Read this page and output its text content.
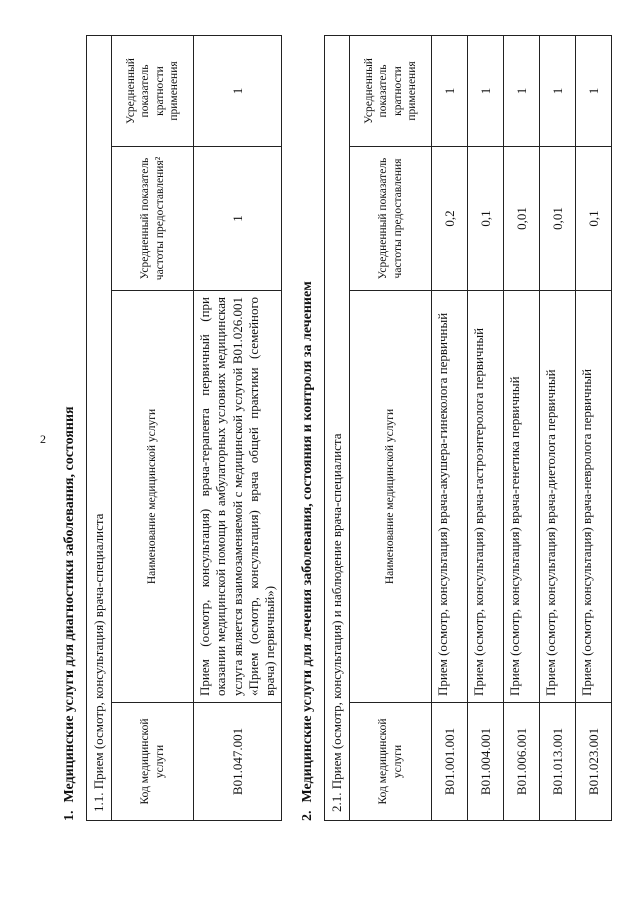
2
1.Медицинские услуги для диагностики заболевания, состояния 1.1. Прием (осмотр, консультация) врача-специалиста			
Код медицинской услуги	Наименование медицинской услуги	Усредненный показатель частоты предоставления²	Усредненный показатель кратности применения
B01.047.001	Прием (осмотр, консультация) врача-терапевта первичный (при оказании медицинской помощи в амбулаторных условиях медицинская услуга является взаимозаменяемой с медицинской услугой B01.026.001 «Прием (осмотр, консультация) врача общей практики (семейного врача) первичный»)	1	1
2.Медицинские услуги для лечения заболевания, состояния и контроля за лечением 2.1. Прием (осмотр, консультация) и наблюдение врача-специалиста			
Код медицинской услуги	Наименование медицинской услуги	Усредненный показатель частоты предоставления	Усредненный показатель кратности применения
B01.001.001	Прием (осмотр, консультация) врача-акушера-гинеколога первичный	0,2	1
B01.004.001	Прием (осмотр, консультация) врача-гастроэнтеролога первичный	0,1	1
B01.006.001	Прием (осмотр, консультация) врача-генетика первичный	0,01	1
B01.013.001	Прием (осмотр, консультация) врача-диетолога первичный	0,01	1
B01.023.001	Прием (осмотр, консультация) врача-невролога первичный	0,1	1
